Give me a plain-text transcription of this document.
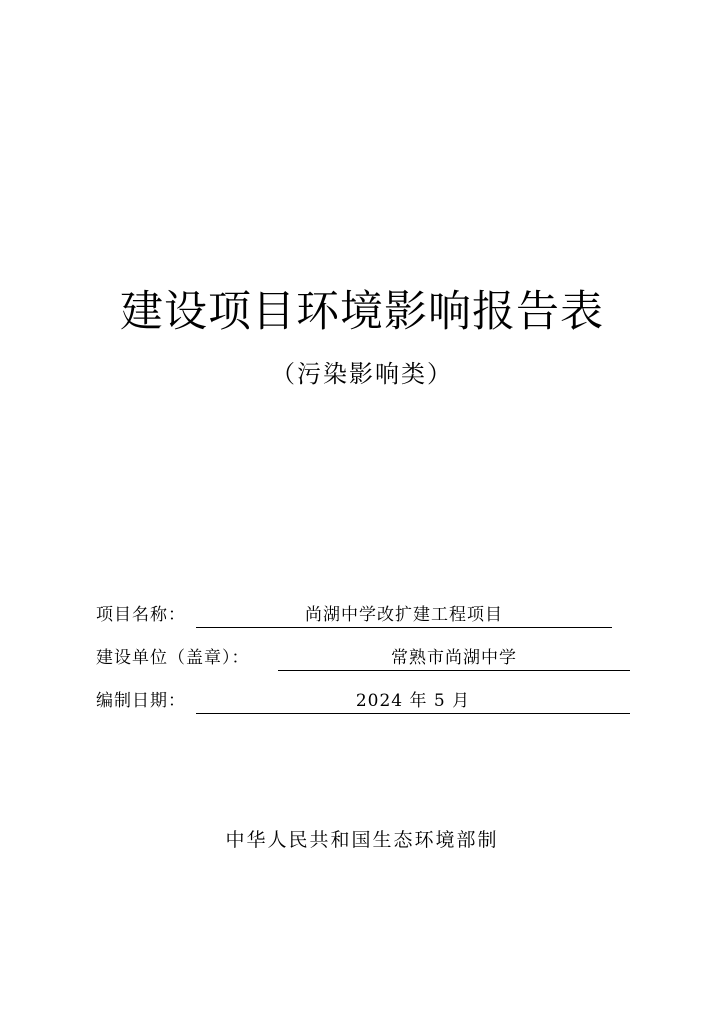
建设项目环境影响报告表
（污染影响类）
项目名称：	尚湖中学改扩建工程项目
建设单位（盖章）：	常熟市尚湖中学
编制日期：	2024 年 5 月
中华人民共和国生态环境部制
